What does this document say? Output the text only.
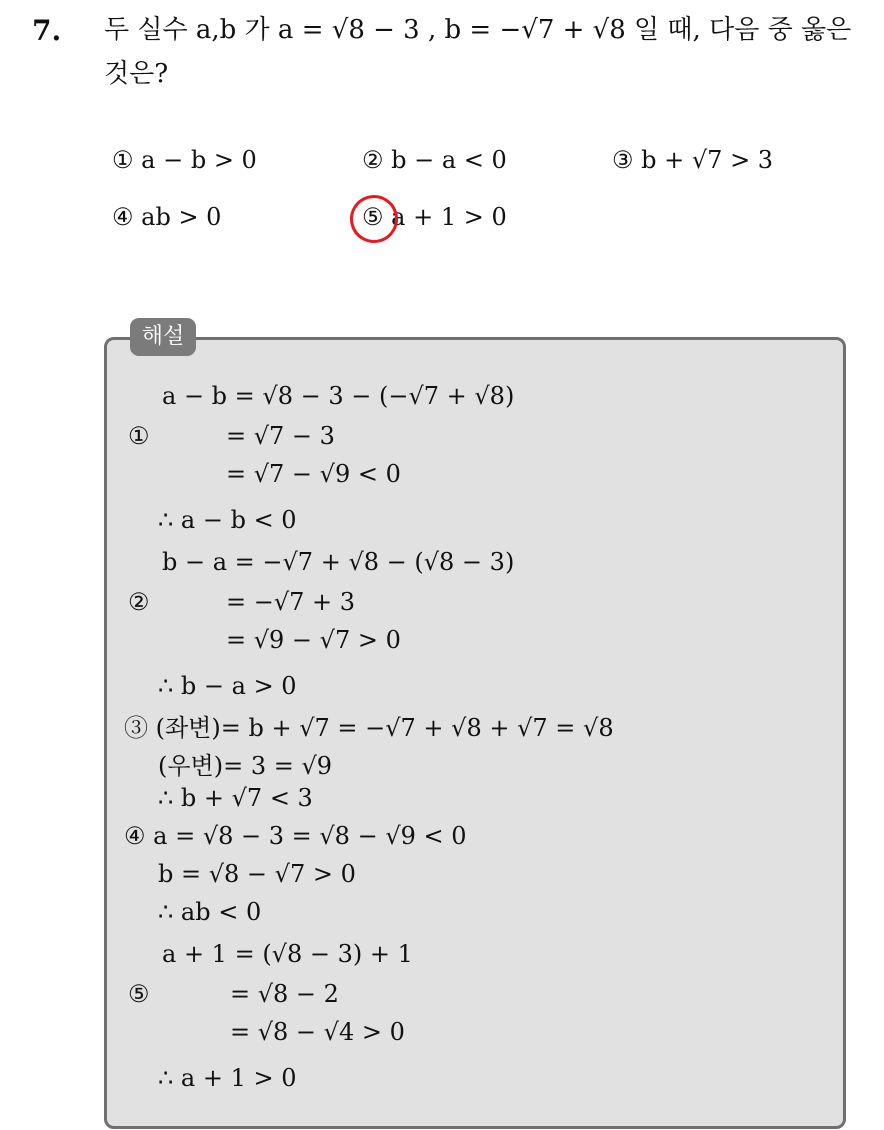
7. 두 실수 a,b 가 a = √8 − 3 , b = −√7 + √8 일 때, 다음 중 옳은
것은?
① a − b > 0	② b − a < 0	③ b + √7 > 3
④ ab > 0	⑤ a + 1 > 0
해설
a − b = √8 − 3 − (−√7 + √8)
①	= √7 − 3
= √7 − √9 < 0
∴ a − b < 0
b − a = −√7 + √8 − (√8 − 3)
②	= −√7 + 3
= √9 − √7 > 0
∴ b − a > 0
③ (좌변)= b + √7 = −√7 + √8 + √7 = √8
(우변)= 3 = √9
∴ b + √7 < 3
④ a = √8 − 3 = √8 − √9 < 0
b = √8 − √7 > 0
∴ ab < 0
a + 1 = (√8 − 3) + 1
⑤	= √8 − 2
= √8 − √4 > 0
∴ a + 1 > 0
